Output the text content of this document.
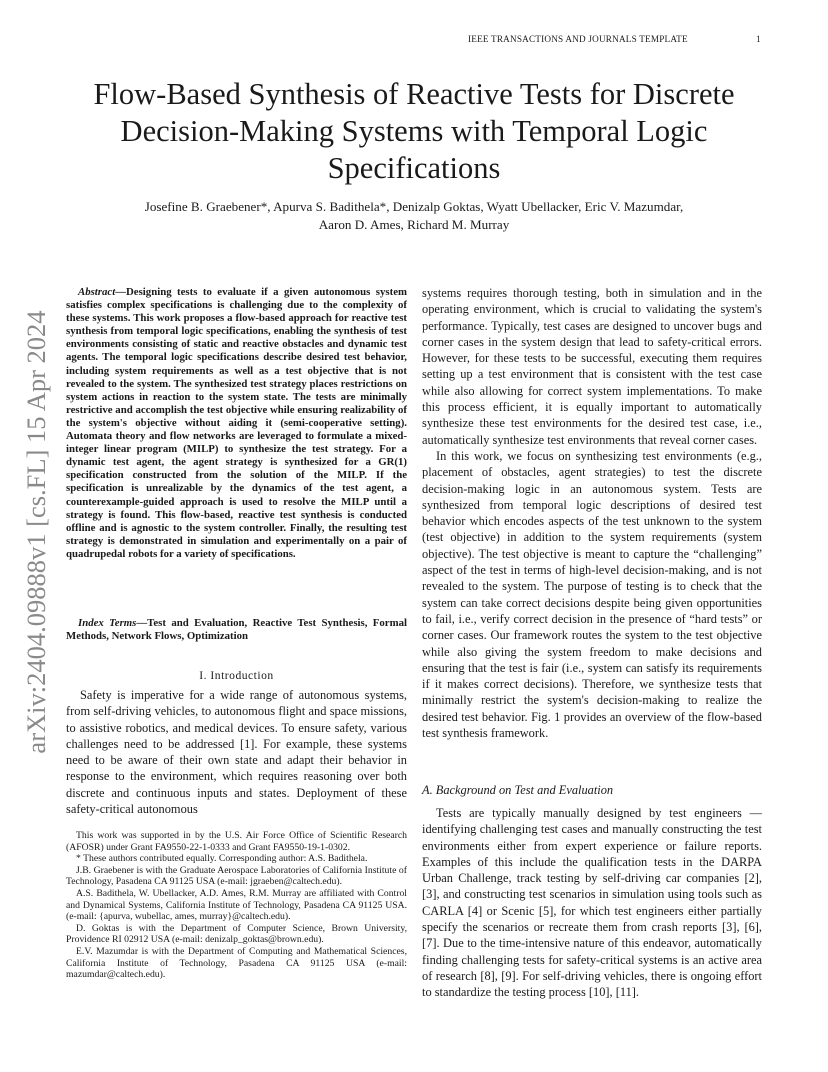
IEEE TRANSACTIONS AND JOURNALS TEMPLATE	1
arXiv:2404.09888v1 [cs.FL] 15 Apr 2024
Flow-Based Synthesis of Reactive Tests for Discrete Decision-Making Systems with Temporal Logic Specifications
Josefine B. Graebener*, Apurva S. Badithela*, Denizalp Goktas, Wyatt Ubellacker, Eric V. Mazumdar,
Aaron D. Ames, Richard M. Murray

Abstract—Designing tests to evaluate if a given autonomous system satisfies complex specifications is challenging due to the complexity of these systems. This work proposes a flow-based approach for reactive test synthesis from temporal logic specifications, enabling the synthesis of test environments consisting of static and reactive obstacles and dynamic test agents. The temporal logic specifications describe desired test behavior, including system requirements as well as a test objective that is not revealed to the system. The synthesized test strategy places restrictions on system actions in reaction to the system state. The tests are minimally restrictive and accomplish the test objective while ensuring realizability of the system's objective without aiding it (semi-cooperative setting). Automata theory and flow networks are leveraged to formulate a mixed-integer linear program (MILP) to synthesize the test strategy. For a dynamic test agent, the agent strategy is synthesized for a GR(1) specification constructed from the solution of the MILP. If the specification is unrealizable by the dynamics of the test agent, a counterexample-guided approach is used to resolve the MILP until a strategy is found. This flow-based, reactive test synthesis is conducted offline and is agnostic to the system controller. Finally, the resulting test strategy is demonstrated in simulation and experimentally on a pair of quadrupedal robots for a variety of specifications.

Index Terms—Test and Evaluation, Reactive Test Synthesis, Formal Methods, Network Flows, Optimization

I. Introduction

Safety is imperative for a wide range of autonomous systems, from self-driving vehicles, to autonomous flight and space missions, to assistive robotics, and medical devices. To ensure safety, various challenges need to be addressed [1]. For example, these systems need to be aware of their own state and adapt their behavior in response to the environment, which requires reasoning over both discrete and continuous inputs and states. Deployment of these safety-critical autonomous

This work was supported in by the U.S. Air Force Office of Scientific Research (AFOSR) under Grant FA9550-22-1-0333 and Grant FA9550-19-1-0302.

* These authors contributed equally. Corresponding author: A.S. Badithela.

J.B. Graebener is with the Graduate Aerospace Laboratories of California Institute of Technology, Pasadena CA 91125 USA (e-mail: jgraeben@caltech.edu).

A.S. Badithela, W. Ubellacker, A.D. Ames, R.M. Murray are affiliated with Control and Dynamical Systems, California Institute of Technology, Pasadena CA 91125 USA. (e-mail: {apurva, wubellac, ames, murray}@caltech.edu).

D. Goktas is with the Department of Computer Science, Brown University, Providence RI 02912 USA (e-mail: denizalp_goktas@brown.edu).

E.V. Mazumdar is with the Department of Computing and Mathematical Sciences, California Institute of Technology, Pasadena CA 91125 USA (e-mail: mazumdar@caltech.edu).

systems requires thorough testing, both in simulation and in the operating environment, which is crucial to validating the system's performance. Typically, test cases are designed to uncover bugs and corner cases in the system design that lead to safety-critical errors. However, for these tests to be successful, executing them requires setting up a test environment that is consistent with the test case while also allowing for correct system implementations. To make this process efficient, it is equally important to automatically synthesize these test environments for the desired test case, i.e., automatically synthesize test environments that reveal corner cases.

In this work, we focus on synthesizing test environments (e.g., placement of obstacles, agent strategies) to test the discrete decision-making logic in an autonomous system. Tests are synthesized from temporal logic descriptions of desired test behavior which encodes aspects of the test unknown to the system (test objective) in addition to the system requirements (system objective). The test objective is meant to capture the “challenging” aspect of the test in terms of high-level decision-making, and is not revealed to the system. The purpose of testing is to check that the system can take correct decisions despite being given opportunities to fail, i.e., verify correct decision in the presence of “hard tests” or corner cases. Our framework routes the system to the test objective while also giving the system freedom to make decisions and ensuring that the test is fair (i.e., system can satisfy its requirements if it makes correct decisions). Therefore, we synthesize tests that minimally restrict the system's decision-making to realize the desired test behavior. Fig. 1 provides an overview of the flow-based test synthesis framework.

A. Background on Test and Evaluation

Tests are typically manually designed by test engineers — identifying challenging test cases and manually constructing the test environments either from expert experience or failure reports. Examples of this include the qualification tests in the DARPA Urban Challenge, track testing by self-driving car companies [2], [3], and constructing test scenarios in simulation using tools such as CARLA [4] or Scenic [5], for which test engineers either partially specify the scenarios or recreate them from crash reports [3], [6], [7]. Due to the time-intensive nature of this endeavor, automatically finding challenging tests for safety-critical systems is an active area of research [8], [9]. For self-driving vehicles, there is ongoing effort to standardize the testing process [10], [11].
